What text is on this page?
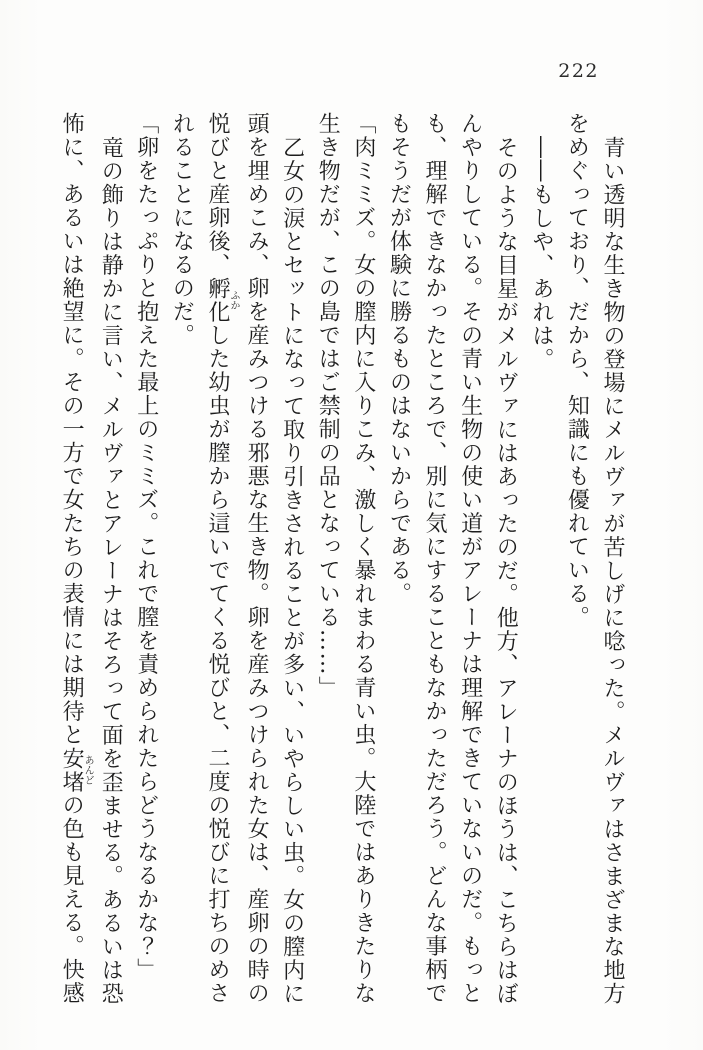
222
青い透明な生き物の登場にメルヴァが苦しげに唸った。メルヴァはさまざまな地方
をめぐっており、だから、知識にも優れている。
――もしや、あれは。
そのような目星がメルヴァにはあったのだ。他方、アレーナのほうは、こちらはぼ
んやりしている。その青い生物の使い道がアレーナは理解できていないのだ。もっと
も、理解できなかったところで、別に気にすることもなかっただろう。どんな事柄で
もそうだが体験に勝るものはないからである。
「肉ミミズ。女の膣内に入りこみ、激しく暴れまわる青い虫。大陸ではありきたりな
生き物だが、この島ではご禁制の品となっている……」
乙女の涙とセットになって取り引きされることが多い、いやらしい虫。女の膣内に
頭を埋めこみ、卵を産みつける邪悪な生き物。卵を産みつけられた女は、産卵の時の
悦びと産卵後、孵化ふかした幼虫が膣から這いでてくる悦びと、二度の悦びに打ちのめさ
れることになるのだ。
「卵をたっぷりと抱えた最上のミミズ。これで膣を責められたらどうなるかな？」
竜の飾りは静かに言い、メルヴァとアレーナはそろって面を歪ませる。あるいは恐
怖に、あるいは絶望に。その一方で女たちの表情には期待と安堵あんどの色も見える。快感
